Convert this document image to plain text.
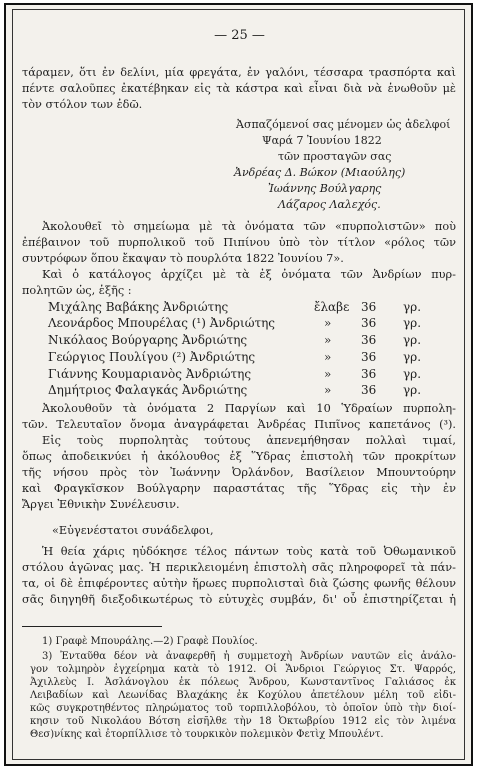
— 25 —
τάραμεν, ὅτι ἐν δελίνι, μία φρεγάτα, ἐν γαλόνι, τέσσαρα τρασπόρτα καὶ
πέντε σαλοῦπες ἐκατέβηκαν εἰς τὰ κάστρα καὶ εἶναι διὰ νὰ ἑνωθοῦν μὲ
τὸν στόλον των ἐδῶ.
Ἀσπαζόμενοί σας μένομεν ὡς ἀδελφοί
Ψαρά 7 Ἰουνίου 1822
τῶν προσταγῶν σας
Ἀνδρέας Δ. Βώκον (Μιαούλης)
Ἰωάννης Βούλγαρης
Λάζαρος Λαλεχός.
Ἀκολουθεῖ τὸ σημείωμα μὲ τὰ ὀνόματα τῶν «πυρπολιστῶν» ποὺ
ἐπέβαινον τοῦ πυρπολικοῦ τοῦ Πιπίνου ὑπὸ τὸν τίτλον «ρόλος τῶν
συντρόφων ὅπου ἔκαψαν τὸ πουρλότα 1822 Ἰουνίου 7».
Καὶ ὁ κατάλογος ἀρχίζει μὲ τὰ ἐξ ὀνόματα τῶν Ἀνδρίων πυρ-
πολητῶν ὡς, ἑξῆς :
Μιχάλης Βαβάκης Ἀνδριώτης	ἔλαβε 36 γρ.
Λεονάρδος Μπουρέλας (¹) Ἀνδριώτης	» 36 γρ.
Νικόλαος Βούργαρης Ἀνδριώτης	» 36 γρ.
Γεώργιος Πουλίγου (²) Ἀνδριώτης	» 36 γρ.
Γιάννης Κουμαριανὸς Ἀνδριώτης	» 36 γρ.
Δημήτριος Φαλαγκάς Ἀνδριώτης	» 36 γρ.
Ἀκολουθοῦν τὰ ὀνόματα 2 Παργίων καὶ 10 Ὑδραίων πυρπολη-
τῶν. Τελευταῖον ὄνομα ἀναγράφεται Ἀνδρέας Πιπῖνος καπετάνος (³).
Εἰς τοὺς πυρπολητὰς τούτους ἀπενεμήθησαν πολλαὶ τιμαί,
ὅπως ἀποδεικνύει ἡ ἀκόλουθος ἐξ Ὕδρας ἐπιστολὴ τῶν προκρίτων
τῆς νήσου πρὸς τὸν Ἰωάννην Ὀρλάνδον, Βασίλειον Μπουντούρην
καὶ Φραγκῖσκον Βούλγαρην παραστάτας τῆς Ὕδρας εἰς τὴν ἐν
Ἄργει Ἐθνικὴν Συνέλευσιν.
«Εὐγενέστατοι συνάδελφοι,
Ἡ θεία χάρις ηὐδόκησε τέλος πάντων τοὺς κατὰ τοῦ Ὀθωμανικοῦ
στόλου ἀγῶνας μας. Ἡ περικλειομένη ἐπιστολὴ σᾶς πληροφορεῖ τὰ πάν-
τα, οἱ δὲ ἐπιφέροντες αὐτὴν ἥρωες πυρπολισταὶ διὰ ζώσης φωνῆς θέλουν
σᾶς διηγηθῆ διεξοδικωτέρως τὸ εὐτυχὲς συμβάν, δι' οὗ ἐπιστηρίζεται ἡ
1) Γραφὲ Μπουράλης.—2) Γραφὲ Πουλίος.
3) Ἐνταῦθα δέον νὰ ἀναφερθῆ ἡ συμμετοχὴ Ἀνδρίων ναυτῶν εἰς ἀνάλο-
γον τολμηρὸν ἐγχείρημα κατὰ τὸ 1912. Οἱ Ἄνδριοι Γεώργιος Στ. Ψαρρός,
Ἀχιλλεὺς Ι. Ἀσλάνογλου ἐκ πόλεως Ἄνδρου, Κωνσταντῖνος Γαλιάσος ἐκ
Λειβαδίων καὶ Λεωνίδας Βλαχάκης ἐκ Κοχύλου ἀπετέλουν μέλη τοῦ εἰδι-
κῶς συγκροτηθέντος πληρώματος τοῦ τορπιλλοβόλου, τὸ ὁποῖον ὑπὸ τὴν διοί-
κησιν τοῦ Νικολάου Βότση εἰσῆλθε τὴν 18 Ὀκτωβρίου 1912 εἰς τὸν λιμένα
Θεσ)νίκης καὶ ἐτορπίλλισε τὸ τουρκικὸν πολεμικὸν Φετὶχ Μπουλέντ.
